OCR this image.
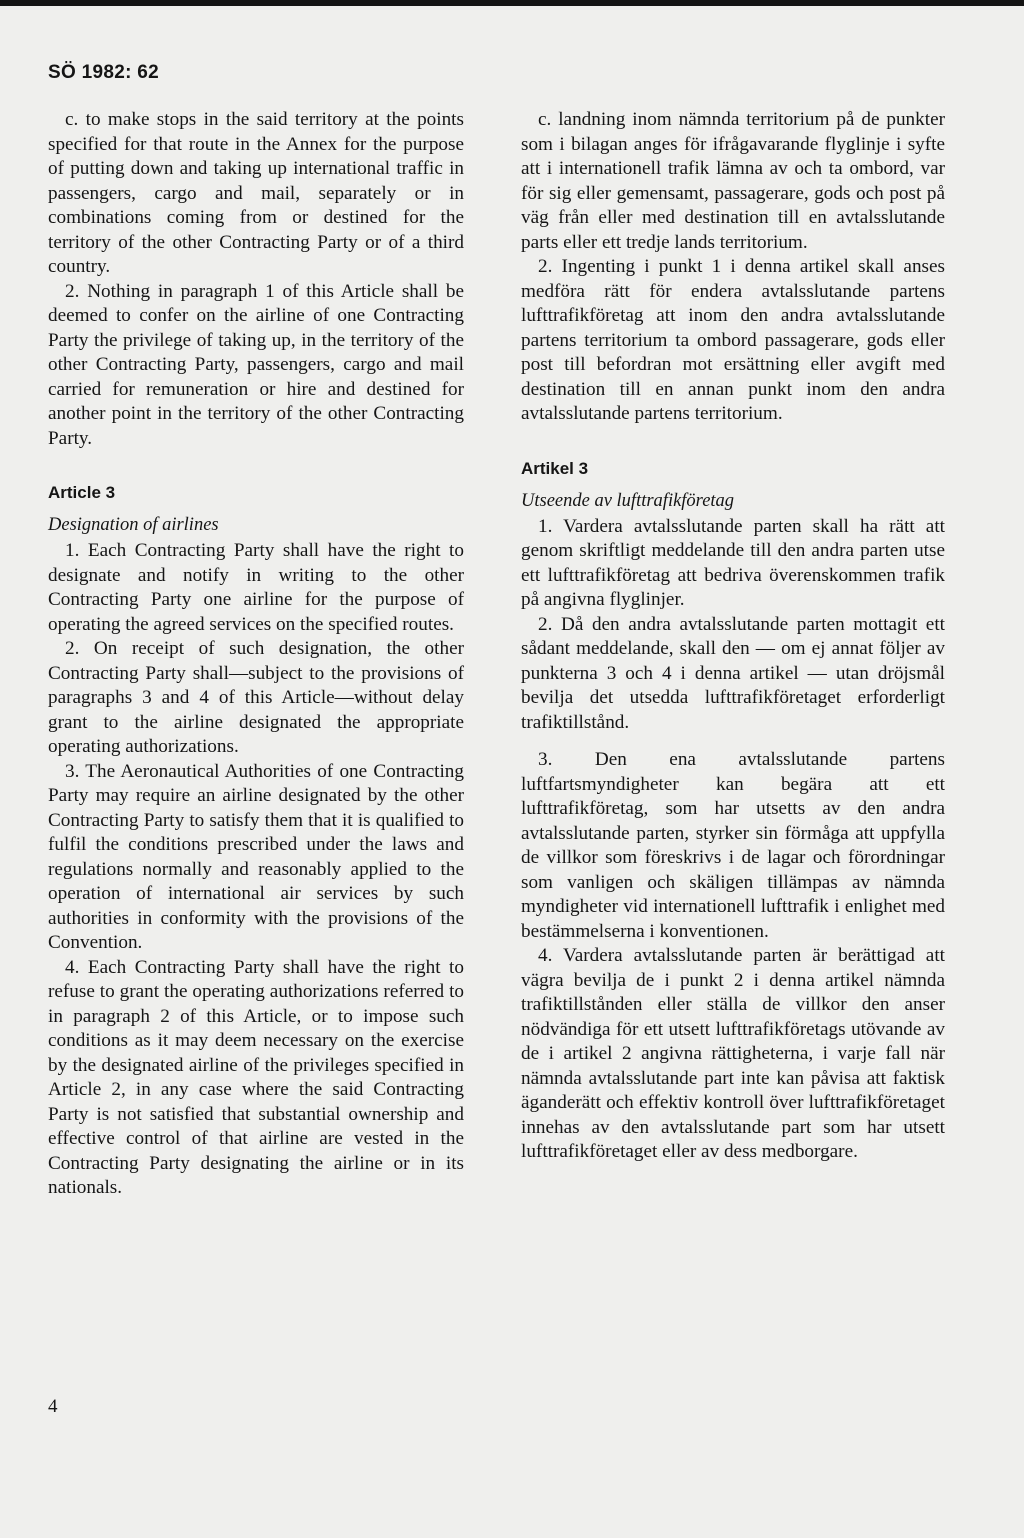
SÖ 1982: 62

c. to make stops in the said territory at the points specified for that route in the Annex for the purpose of putting down and taking up international traffic in passengers, cargo and mail, separately or in combinations coming from or destined for the territory of the other Contracting Party or of a third country.

2. Nothing in paragraph 1 of this Article shall be deemed to confer on the airline of one Contracting Party the privilege of taking up, in the territory of the other Contracting Party, passengers, cargo and mail carried for remuneration or hire and destined for another point in the territory of the other Contracting Party.

Article 3
Designation of airlines

1. Each Contracting Party shall have the right to designate and notify in writing to the other Contracting Party one airline for the purpose of operating the agreed services on the specified routes.

2. On receipt of such designation, the other Contracting Party shall—subject to the provisions of paragraphs 3 and 4 of this Article—without delay grant to the airline designated the appropriate operating authorizations.

3. The Aeronautical Authorities of one Contracting Party may require an airline designated by the other Contracting Party to satisfy them that it is qualified to fulfil the conditions prescribed under the laws and regulations normally and reasonably applied to the operation of international air services by such authorities in conformity with the provisions of the Convention.

4. Each Contracting Party shall have the right to refuse to grant the operating authorizations referred to in paragraph 2 of this Article, or to impose such conditions as it may deem necessary on the exercise by the designated airline of the privileges specified in Article 2, in any case where the said Contracting Party is not satisfied that substantial ownership and effective control of that airline are vested in the Contracting Party designating the airline or in its nationals.

c. landning inom nämnda territorium på de punkter som i bilagan anges för ifrågavarande flyglinje i syfte att i internationell trafik lämna av och ta ombord, var för sig eller gemensamt, passagerare, gods och post på väg från eller med destination till en avtalsslutande parts eller ett tredje lands territorium.

2. Ingenting i punkt 1 i denna artikel skall anses medföra rätt för endera avtalsslutande partens lufttrafikföretag att inom den andra avtalsslutande partens territorium ta ombord passagerare, gods eller post till befordran mot ersättning eller avgift med destination till en annan punkt inom den andra avtalsslutande partens territorium.

Artikel 3
Utseende av lufttrafikföretag

1. Vardera avtalsslutande parten skall ha rätt att genom skriftligt meddelande till den andra parten utse ett lufttrafikföretag att bedriva överenskommen trafik på angivna flyglinjer.

2. Då den andra avtalsslutande parten mottagit ett sådant meddelande, skall den — om ej annat följer av punkterna 3 och 4 i denna artikel — utan dröjsmål bevilja det utsedda lufttrafikföretaget erforderligt trafiktillstånd.

3. Den ena avtalsslutande partens luftfartsmyndigheter kan begära att ett lufttrafikföretag, som har utsetts av den andra avtalsslutande parten, styrker sin förmåga att uppfylla de villkor som föreskrivs i de lagar och förordningar som vanligen och skäligen tillämpas av nämnda myndigheter vid internationell lufttrafik i enlighet med bestämmelserna i konventionen.

4. Vardera avtalsslutande parten är berättigad att vägra bevilja de i punkt 2 i denna artikel nämnda trafiktillstånden eller ställa de villkor den anser nödvändiga för ett utsett lufttrafikföretags utövande av de i artikel 2 angivna rättigheterna, i varje fall när nämnda avtalsslutande part inte kan påvisa att faktisk äganderätt och effektiv kontroll över lufttrafikföretaget innehas av den avtalsslutande part som har utsett lufttrafikföretaget eller av dess medborgare.

4
